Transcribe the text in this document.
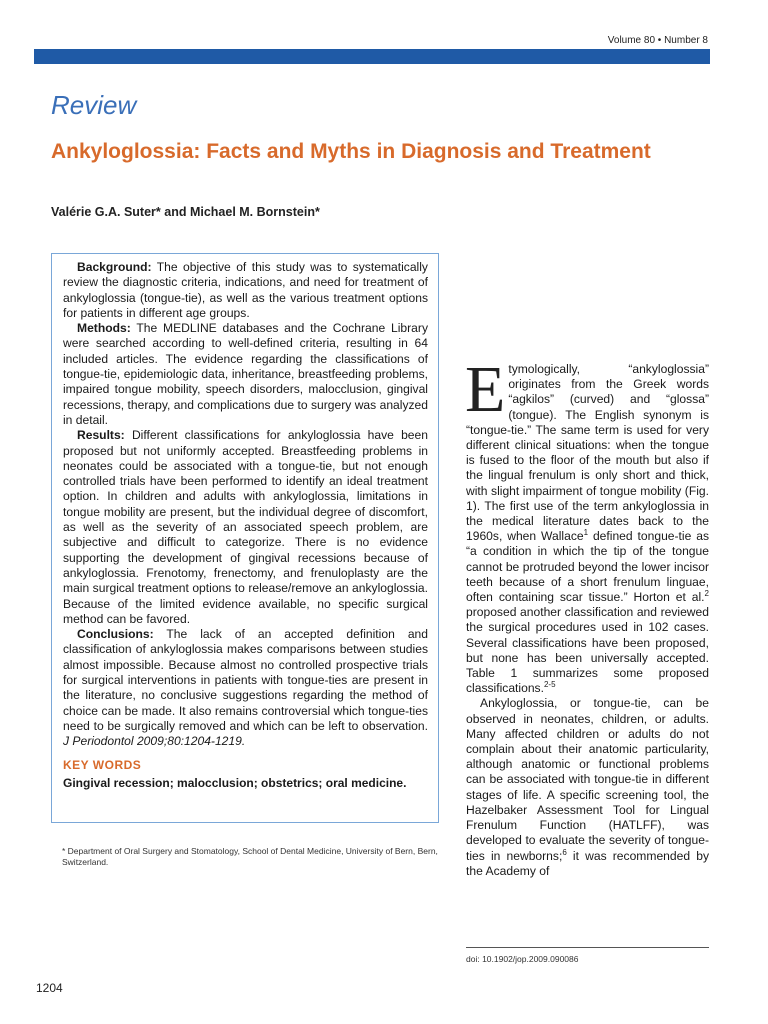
Volume 80 • Number 8
Review
Ankyloglossia: Facts and Myths in Diagnosis and Treatment
Valérie G.A. Suter* and Michael M. Bornstein*

Background: The objective of this study was to systematically review the diagnostic criteria, indications, and need for treatment of ankyloglossia (tongue-tie), as well as the various treatment options for patients in different age groups.

Methods: The MEDLINE databases and the Cochrane Library were searched according to well-defined criteria, resulting in 64 included articles. The evidence regarding the classifications of tongue-tie, epidemiologic data, inheritance, breastfeeding problems, impaired tongue mobility, speech disorders, malocclusion, gingival recessions, therapy, and complications due to surgery was analyzed in detail.

Results: Different classifications for ankyloglossia have been proposed but not uniformly accepted. Breastfeeding problems in neonates could be associated with a tongue-tie, but not enough controlled trials have been performed to identify an ideal treatment option. In children and adults with ankyloglossia, limitations in tongue mobility are present, but the individual degree of discomfort, as well as the severity of an associated speech problem, are subjective and difficult to categorize. There is no evidence supporting the development of gingival recessions because of ankyloglossia. Frenotomy, frenectomy, and frenuloplasty are the main surgical treatment options to release/remove an ankyloglossia. Because of the limited evidence available, no specific surgical method can be favored.

Conclusions: The lack of an accepted definition and classification of ankyloglossia makes comparisons between studies almost impossible. Because almost no controlled prospective trials for surgical interventions in patients with tongue-ties are present in the literature, no conclusive suggestions regarding the method of choice can be made. It also remains controversial which tongue-ties need to be surgically removed and which can be left to observation. J Periodontol 2009;80:1204-1219.

KEY WORDS
Gingival recession; malocclusion; obstetrics; oral medicine.
* Department of Oral Surgery and Stomatology, School of Dental Medicine, University of Bern, Bern, Switzerland.
1204

Etymologically, “ankyloglossia” originates from the Greek words “agkilos” (curved) and “glossa” (tongue). The English synonym is “tongue-tie.” The same term is used for very different clinical situations: when the tongue is fused to the floor of the mouth but also if the lingual frenulum is only short and thick, with slight impairment of tongue mobility (Fig. 1). The first use of the term ankyloglossia in the medical literature dates back to the 1960s, when Wallace$^1$ defined tongue-tie as “a condition in which the tip of the tongue cannot be protruded beyond the lower incisor teeth because of a short frenulum linguae, often containing scar tissue.” Horton et al.$^2$ proposed another classification and reviewed the surgical procedures used in 102 cases. Several classifications have been proposed, but none has been universally accepted. Table 1 summarizes some proposed classifications.$^{2-5}$

Ankyloglossia, or tongue-tie, can be observed in neonates, children, or adults. Many affected children or adults do not complain about their anatomic particularity, although anatomic or functional problems can be associated with tongue-tie in different stages of life. A specific screening tool, the Hazelbaker Assessment Tool for Lingual Frenulum Function (HATLFF), was developed to evaluate the severity of tongue-ties in newborns;$^6$ it was recommended by the Academy of

doi: 10.1902/jop.2009.090086
